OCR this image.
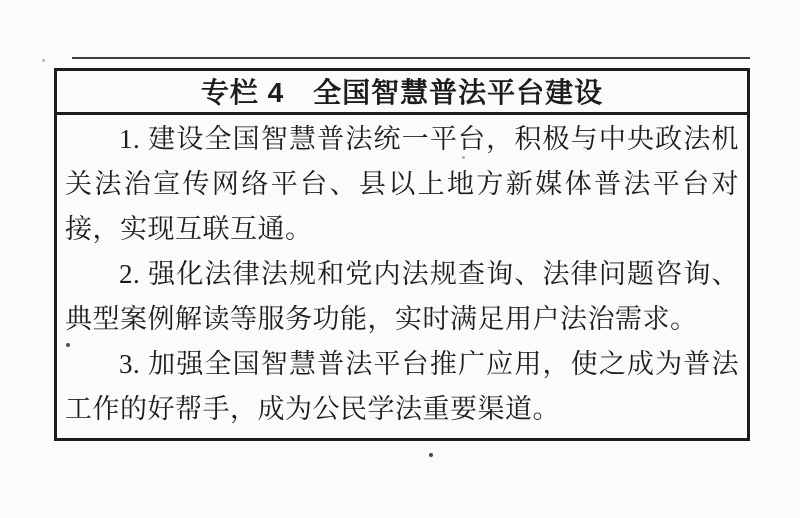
专栏 4　全国智慧普法平台建设

1. 建设全国智慧普法统一平台，积极与中央政法机关法治宣传网络平台、县以上地方新媒体普法平台对接，实现互联互通。

2. 强化法律法规和党内法规查询、法律问题咨询、典型案例解读等服务功能，实时满足用户法治需求。

3. 加强全国智慧普法平台推广应用，使之成为普法工作的好帮手，成为公民学法重要渠道。
